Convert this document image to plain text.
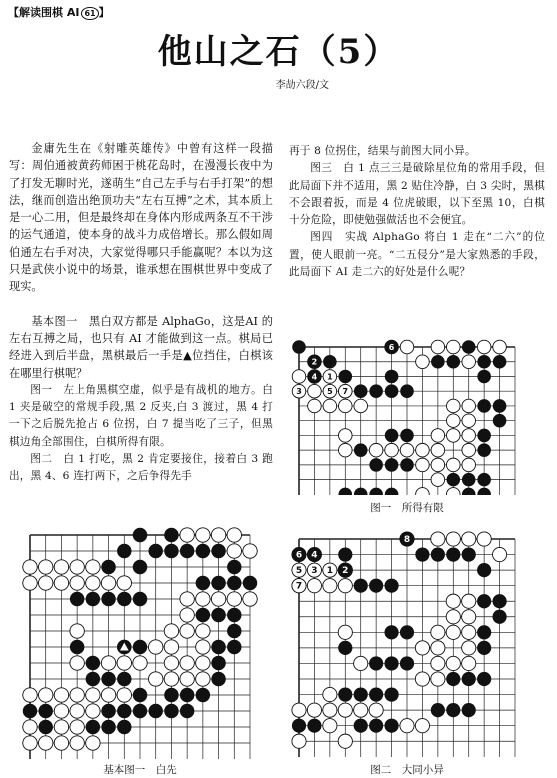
【解读围棋 AI 61 】
他山之石（5）
李劼六段/文

金庸先生在《射雕英雄传》中曾有这样一段描写：周伯通被黄药师困于桃花岛时，在漫漫长夜中为了打发无聊时光，遂萌生“自己左手与右手打架”的想法，继而创造出绝顶功夫“左右互搏”之术，其本质上是一心二用，但是最终却在身体内形成两条互不干涉的运气通道，使本身的战斗力成倍增长。那么假如周伯通左右手对决，大家觉得哪只手能赢呢？本以为这只是武侠小说中的场景，谁承想在围棋世界中变成了现实。

基本图一　黑白双方都是 AlphaGo，这是AI 的左右互搏之局，也只有 AI 才能做到这一点。棋局已经进入到后半盘，黑棋最后一手是▲位挡住，白棋该在哪里行棋呢？

图一　左上角黑棋空虚，似乎是有战机的地方。白 1 夹是破空的常规手段,黑 2 反夹,白 3 渡过，黑 4 打一下之后脱先抢占 6 位拐，白 7 提当吃了三子，但黑棋边角全部围住，白棋所得有限。

图二　白 1 打吃，黑 2 肯定要接住，接着白 3 跑出，黑 4、6 连打两下，之后争得先手

再于 8 位拐住，结果与前图大同小异。

图三　白 1 点三三是破除星位角的常用手段，但此局面下并不适用，黑 2 贴住冷静，白 3 尖时，黑棋不会跟着扳，而是 4 位虎破眼，以下至黑 10，白棋十分危险，即使勉强做活也不会便宜。

图四　实战 AlphaGo 将白 1 走在“二六”的位置，使人眼前一亮。“二五侵分”是大家熟悉的手段，此局面下 AI 走二六的好处是什么呢？

基本图一　白先
2
4
3	5 7
6
1
图一　所得有限
6 4
5 3 1 2
7
8
图二　大同小异
